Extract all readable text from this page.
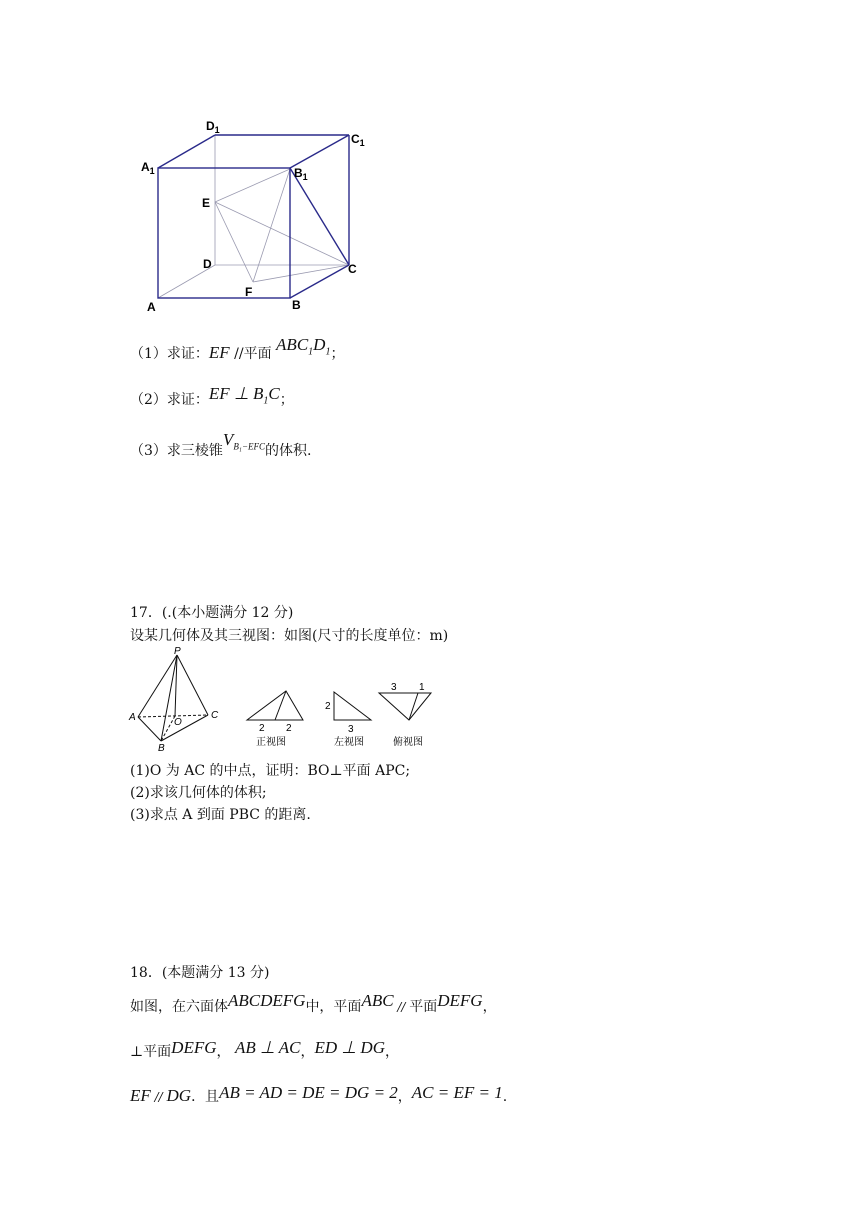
$D_1$
$C_1$
$A_1$	$B_1$
E
D	C
F
A	B
（1）求证：EF //平面 $ABC_1D_1$；
（2）求证：EF ⊥ $B_1C$；
（3）求三棱锥$V_{B_1-EFC}$的体积.
17．(.(本小题满分 12 分)
设某几何体及其三视图：如图(尺寸的长度单位：m)
P
A	C
O
B
2 2
2
3
3 1
正视图	左视图	俯视图
(1)O 为 AC 的中点，证明：BO⊥平面 APC;
(2)求该几何体的体积;
(3)求点 A 到面 PBC 的距离.
18．(本题满分 13 分)
如图，在六面体ABCDEFG中，平面ABC // 平面DEFG，
⊥平面DEFG， AB ⊥ AC，ED ⊥ DG，
EF // DG．且AB = AD = DE = DG = 2，AC = EF = 1.
